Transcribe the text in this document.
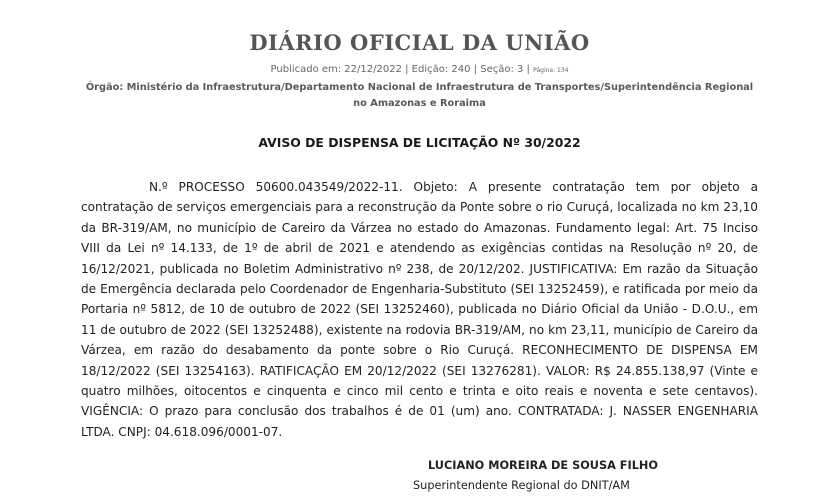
DIÁRIO OFICIAL DA UNIÃO
Publicado em: 22/12/2022 | Edição: 240 | Seção: 3 | Página: 134
Órgão: Ministério da Infraestrutura/Departamento Nacional de Infraestrutura de Transportes/Superintendência Regional no Amazonas e Roraima
AVISO DE DISPENSA DE LICITAÇÃO Nº 30/2022

N.º PROCESSO 50600.043549/2022-11. Objeto: A presente contratação tem por objeto a contratação de serviços emergenciais para a reconstrução da Ponte sobre o rio Curuçá, localizada no km 23,10 da BR-319/AM, no município de Careiro da Várzea no estado do Amazonas. Fundamento legal: Art. 75 Inciso VIII da Lei nº 14.133, de 1º de abril de 2021 e atendendo as exigências contidas na Resolução nº 20, de 16/12/2021, publicada no Boletim Administrativo nº 238, de 20/12/202. JUSTIFICATIVA: Em razão da Situação de Emergência declarada pelo Coordenador de Engenharia-Substituto (SEI 13252459), e ratificada por meio da Portaria nº 5812, de 10 de outubro de 2022 (SEI 13252460), publicada no Diário Oficial da União - D.O.U., em 11 de outubro de 2022 (SEI 13252488), existente na rodovia BR-319/AM, no km 23,11, município de Careiro da Várzea, em razão do desabamento da ponte sobre o Rio Curuçá. RECONHECIMENTO DE DISPENSA EM 18/12/2022 (SEI 13254163). RATIFICAÇÃO EM 20/12/2022 (SEI 13276281). VALOR: R$ 24.855.138,97 (Vinte e quatro milhões, oitocentos e cinquenta e cinco mil cento e trinta e oito reais e noventa e sete centavos). VIGÊNCIA: O prazo para conclusão dos trabalhos é de 01 (um) ano. CONTRATADA: J. NASSER ENGENHARIA LTDA. CNPJ: 04.618.096/0001-07.

LUCIANO MOREIRA DE SOUSA FILHO
Superintendente Regional do DNIT/AM
